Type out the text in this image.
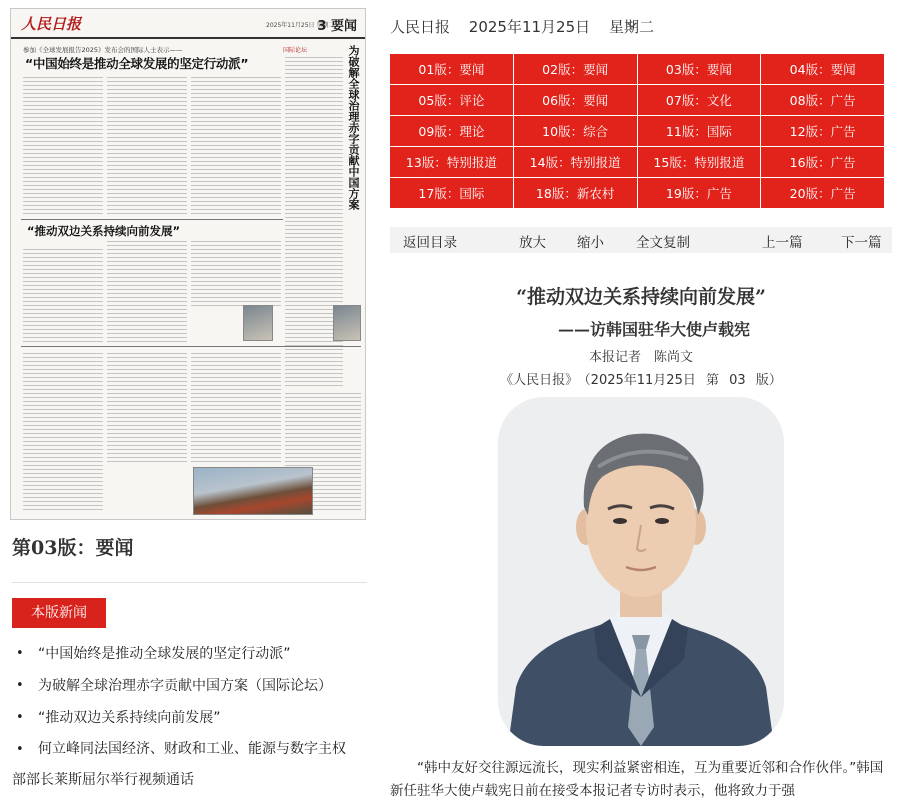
人民日报	2025年11月25日 星期二
3 要闻
参加《全球发展报告2025》发布会的国际人士表示——
“中国始终是推动全球发展的坚定行动派”
国际论坛	为破解全球治理赤字贡献中国方案
“推动双边关系持续向前发展”
第03版：要闻
本版新闻
• “中国始终是推动全球发展的坚定行动派”
• 为破解全球治理赤字贡献中国方案（国际论坛）
• “推动双边关系持续向前发展”
• 何立峰同法国经济、财政和工业、能源与数字主权
部部长莱斯屈尔举行视频通话
人民日报 2025年11月25日 星期二
01版：要闻	02版：要闻	03版：要闻	04版：要闻
05版：评论	06版：要闻	07版：文化	08版：广告
09版：理论	10版：综合	11版：国际	12版：广告
13版：特别报道	14版：特别报道	15版：特别报道	16版：广告
17版：国际	18版：新农村	19版：广告	20版：广告
返回目录	放大 缩小 全文复制	上一篇	下一篇
“推动双边关系持续向前发展”
——访韩国驻华大使卢载宪
本报记者　陈尚文
《人民日报》 （2025年11月25日 第 03 版）
“韩中友好交往源远流长，现实利益紧密相连，互为重要近邻和合作伙伴。”韩国新任驻华大使卢载宪日前在接受本报记者专访时表示，他将致力于强
